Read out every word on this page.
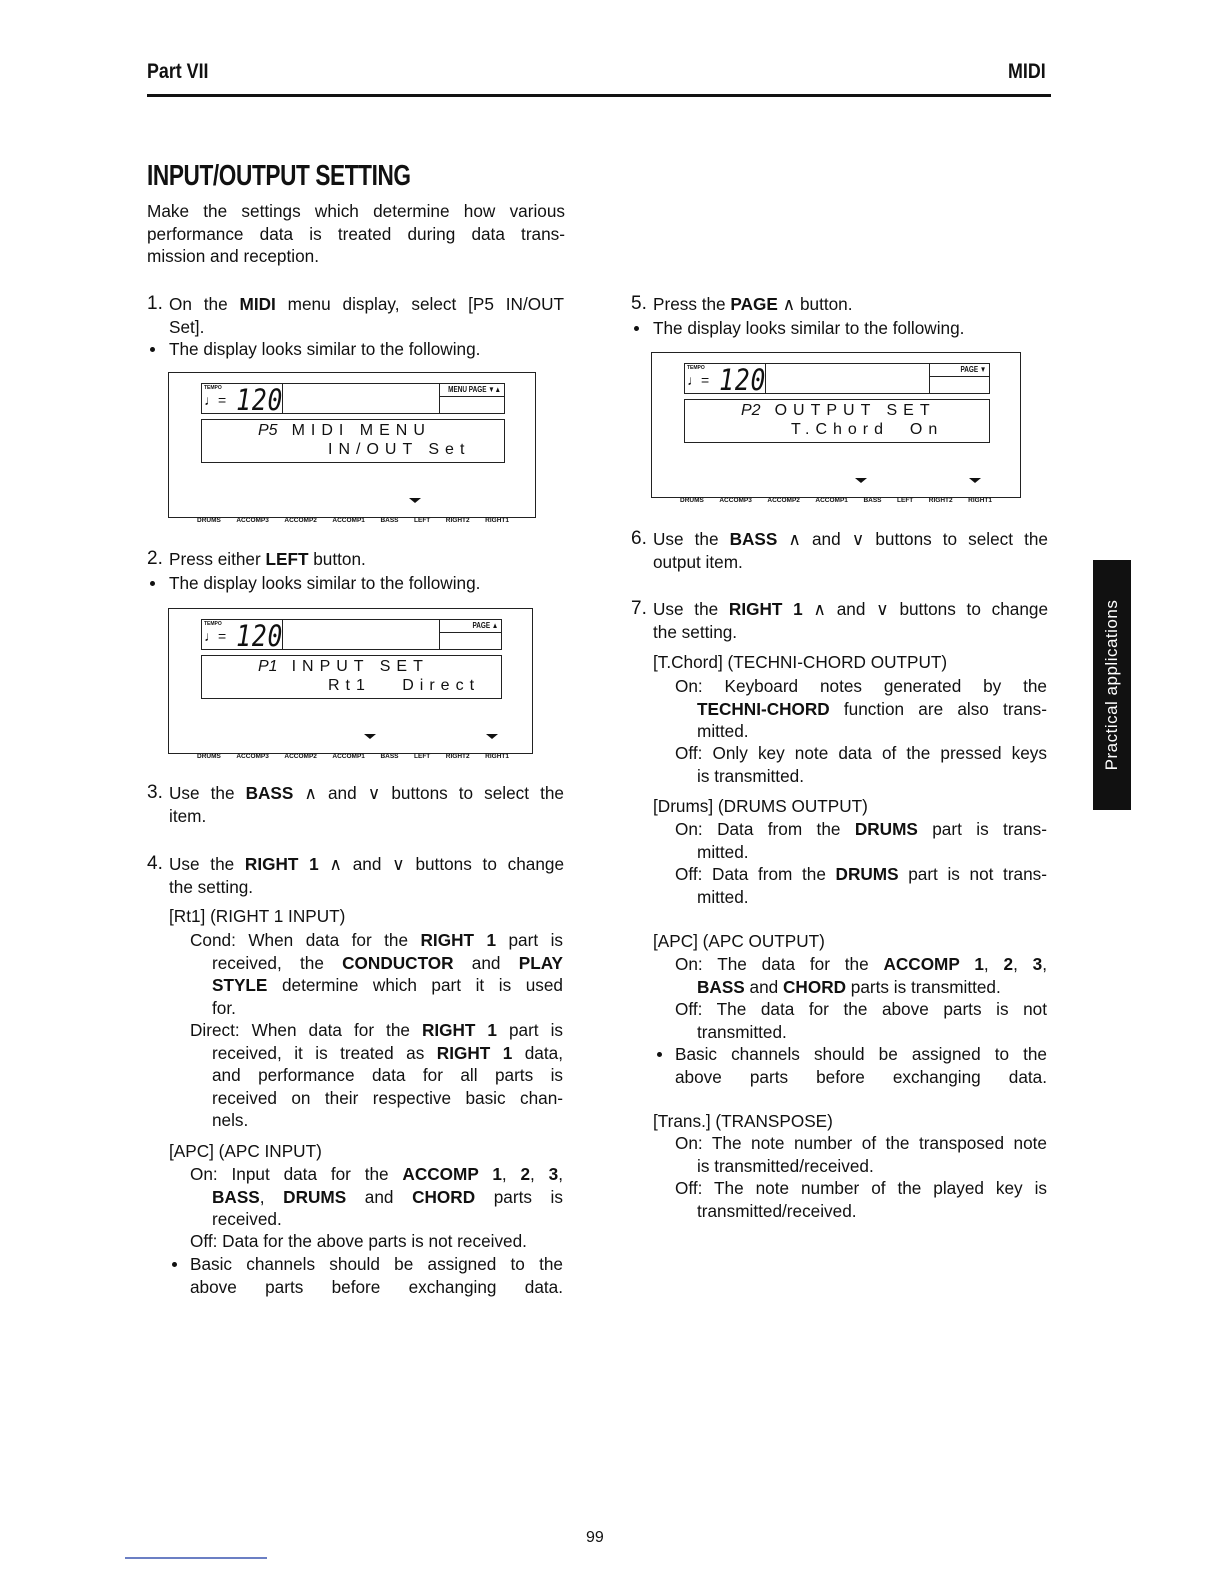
Part VII	MIDI
INPUT/OUTPUT SETTING
Make the settings which determine how various
performance data is treated during data trans-
mission and reception.
1. On the MIDI menu display, select [P5 IN/OUT
Set].
The display looks similar to the following.
TEMPO
♩= 120	MENU PAGE ▼▲
P5 MIDI MENU
IN/OUT Set
DRUMS ACCOMP3 ACCOMP2 ACCOMP1 BASS LEFT RIGHT2 RIGHT1
2. Press either LEFT button.
The display looks similar to the following.
TEMPO
♩= 120	PAGE ▲
P1 INPUT SET
Rt1   Direct
DRUMS ACCOMP3 ACCOMP2 ACCOMP1 BASS LEFT RIGHT2 RIGHT1
3. Use the BASS ∧ and ∨ buttons to select the
item.
4. Use the RIGHT 1 ∧ and ∨ buttons to change
the setting.
[Rt1] (RIGHT 1 INPUT)
Cond: When data for the RIGHT 1 part is
received, the CONDUCTOR and PLAY
STYLE determine which part it is used
for.
Direct: When data for the RIGHT 1 part is
received, it is treated as RIGHT 1 data,
and performance data for all parts is
received on their respective basic chan-
nels.
[APC] (APC INPUT)
On: Input data for the ACCOMP 1, 2, 3,
BASS, DRUMS and CHORD parts is
received.
Off: Data for the above parts is not received.
Basic channels should be assigned to the
above parts before exchanging data.
5. Press the PAGE ∧ button.
The display looks similar to the following.
TEMPO
♩= 120	PAGE ▼
P2 OUTPUT SET
T.Chord  On
DRUMS ACCOMP3 ACCOMP2 ACCOMP1 BASS LEFT RIGHT2 RIGHT1
6. Use the BASS ∧ and ∨ buttons to select the
output item.
7. Use the RIGHT 1 ∧ and ∨ buttons to change
the setting.
[T.Chord] (TECHNI-CHORD OUTPUT)
On: Keyboard notes generated by the
TECHNI-CHORD function are also trans-
mitted.
Off: Only key note data of the pressed keys
is transmitted.
[Drums] (DRUMS OUTPUT)
On: Data from the DRUMS part is trans-
mitted.
Off: Data from the DRUMS part is not trans-
mitted.
[APC] (APC OUTPUT)
On: The data for the ACCOMP 1, 2, 3,
BASS and CHORD parts is transmitted.
Off: The data for the above parts is not
transmitted.
Basic channels should be assigned to the
above parts before exchanging data.
[Trans.] (TRANSPOSE)
On: The note number of the transposed note
is transmitted/received.
Off: The note number of the played key is
transmitted/received.
Practical applications
99
